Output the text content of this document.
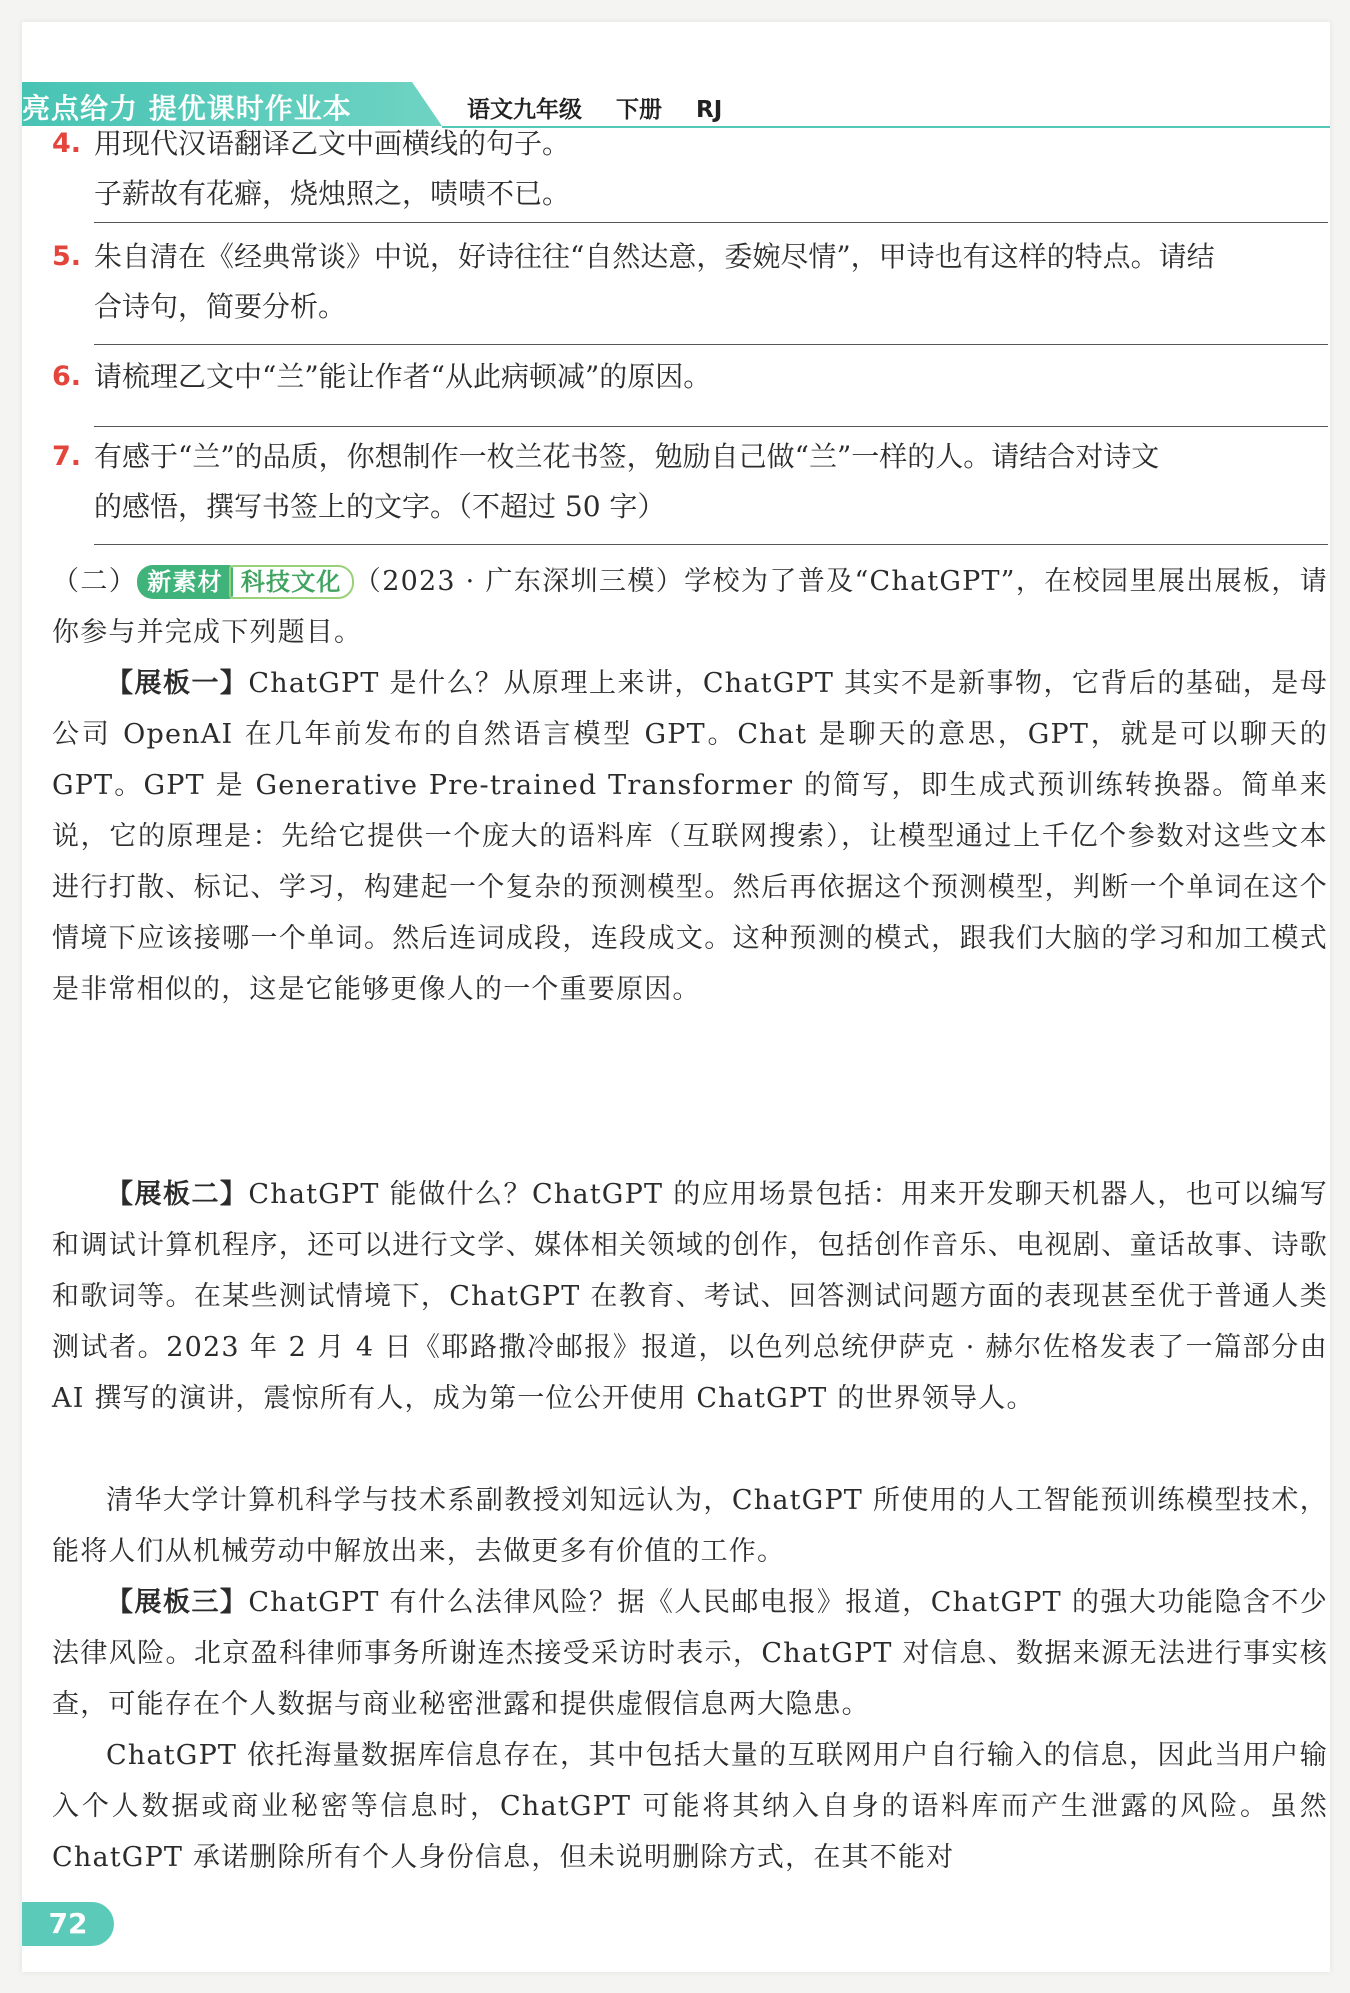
亮点给力 提优课时作业本	语文九年级 下册 RJ
4. 用现代汉语翻译乙文中画横线的句子。
子薪故有花癖，烧烛照之，啧啧不已。
5. 朱自清在《经典常谈》中说，好诗往往“自然达意，委婉尽情”，甲诗也有这样的特点。请结
合诗句，简要分析。
6. 请梳理乙文中“兰”能让作者“从此病顿减”的原因。
7. 有感于“兰”的品质，你想制作一枚兰花书签，勉励自己做“兰”一样的人。请结合对诗文
的感悟，撰写书签上的文字。（不超过 50 字）
（二） 新素材 科技文化 （2023 · 广东深圳三模）学校为了普及“ChatGPT”，在校园里展出展板，请你参与并完成下列题目。
【展板一】ChatGPT 是什么？从原理上来讲，ChatGPT 其实不是新事物，它背后的基础，是母公司 OpenAI 在几年前发布的自然语言模型 GPT。Chat 是聊天的意思，GPT，就是可以聊天的 GPT。GPT 是 Generative Pre-trained Transformer 的简写，即生成式预训练转换器。简单来说，它的原理是：先给它提供一个庞大的语料库（互联网搜索），让模型通过上千亿个参数对这些文本进行打散、标记、学习，构建起一个复杂的预测模型。然后再依据这个预测模型，判断一个单词在这个情境下应该接哪一个单词。然后连词成段，连段成文。这种预测的模式，跟我们大脑的学习和加工模式是非常相似的，这是它能够更像人的一个重要原因。
【展板二】ChatGPT 能做什么？ChatGPT 的应用场景包括：用来开发聊天机器人，也可以编写和调试计算机程序，还可以进行文学、媒体相关领域的创作，包括创作音乐、电视剧、童话故事、诗歌和歌词等。在某些测试情境下，ChatGPT 在教育、考试、回答测试问题方面的表现甚至优于普通人类测试者。2023 年 2 月 4 日《耶路撒冷邮报》报道，以色列总统伊萨克 · 赫尔佐格发表了一篇部分由 AI 撰写的演讲，震惊所有人，成为第一位公开使用 ChatGPT 的世界领导人。
清华大学计算机科学与技术系副教授刘知远认为，ChatGPT 所使用的人工智能预训练模型技术，能将人们从机械劳动中解放出来，去做更多有价值的工作。
【展板三】ChatGPT 有什么法律风险？据《人民邮电报》报道，ChatGPT 的强大功能隐含不少法律风险。北京盈科律师事务所谢连杰接受采访时表示，ChatGPT 对信息、数据来源无法进行事实核查，可能存在个人数据与商业秘密泄露和提供虚假信息两大隐患。
ChatGPT 依托海量数据库信息存在，其中包括大量的互联网用户自行输入的信息，因此当用户输入个人数据或商业秘密等信息时，ChatGPT 可能将其纳入自身的语料库而产生泄露的风险。虽然 ChatGPT 承诺删除所有个人身份信息，但未说明删除方式，在其不能对
72
